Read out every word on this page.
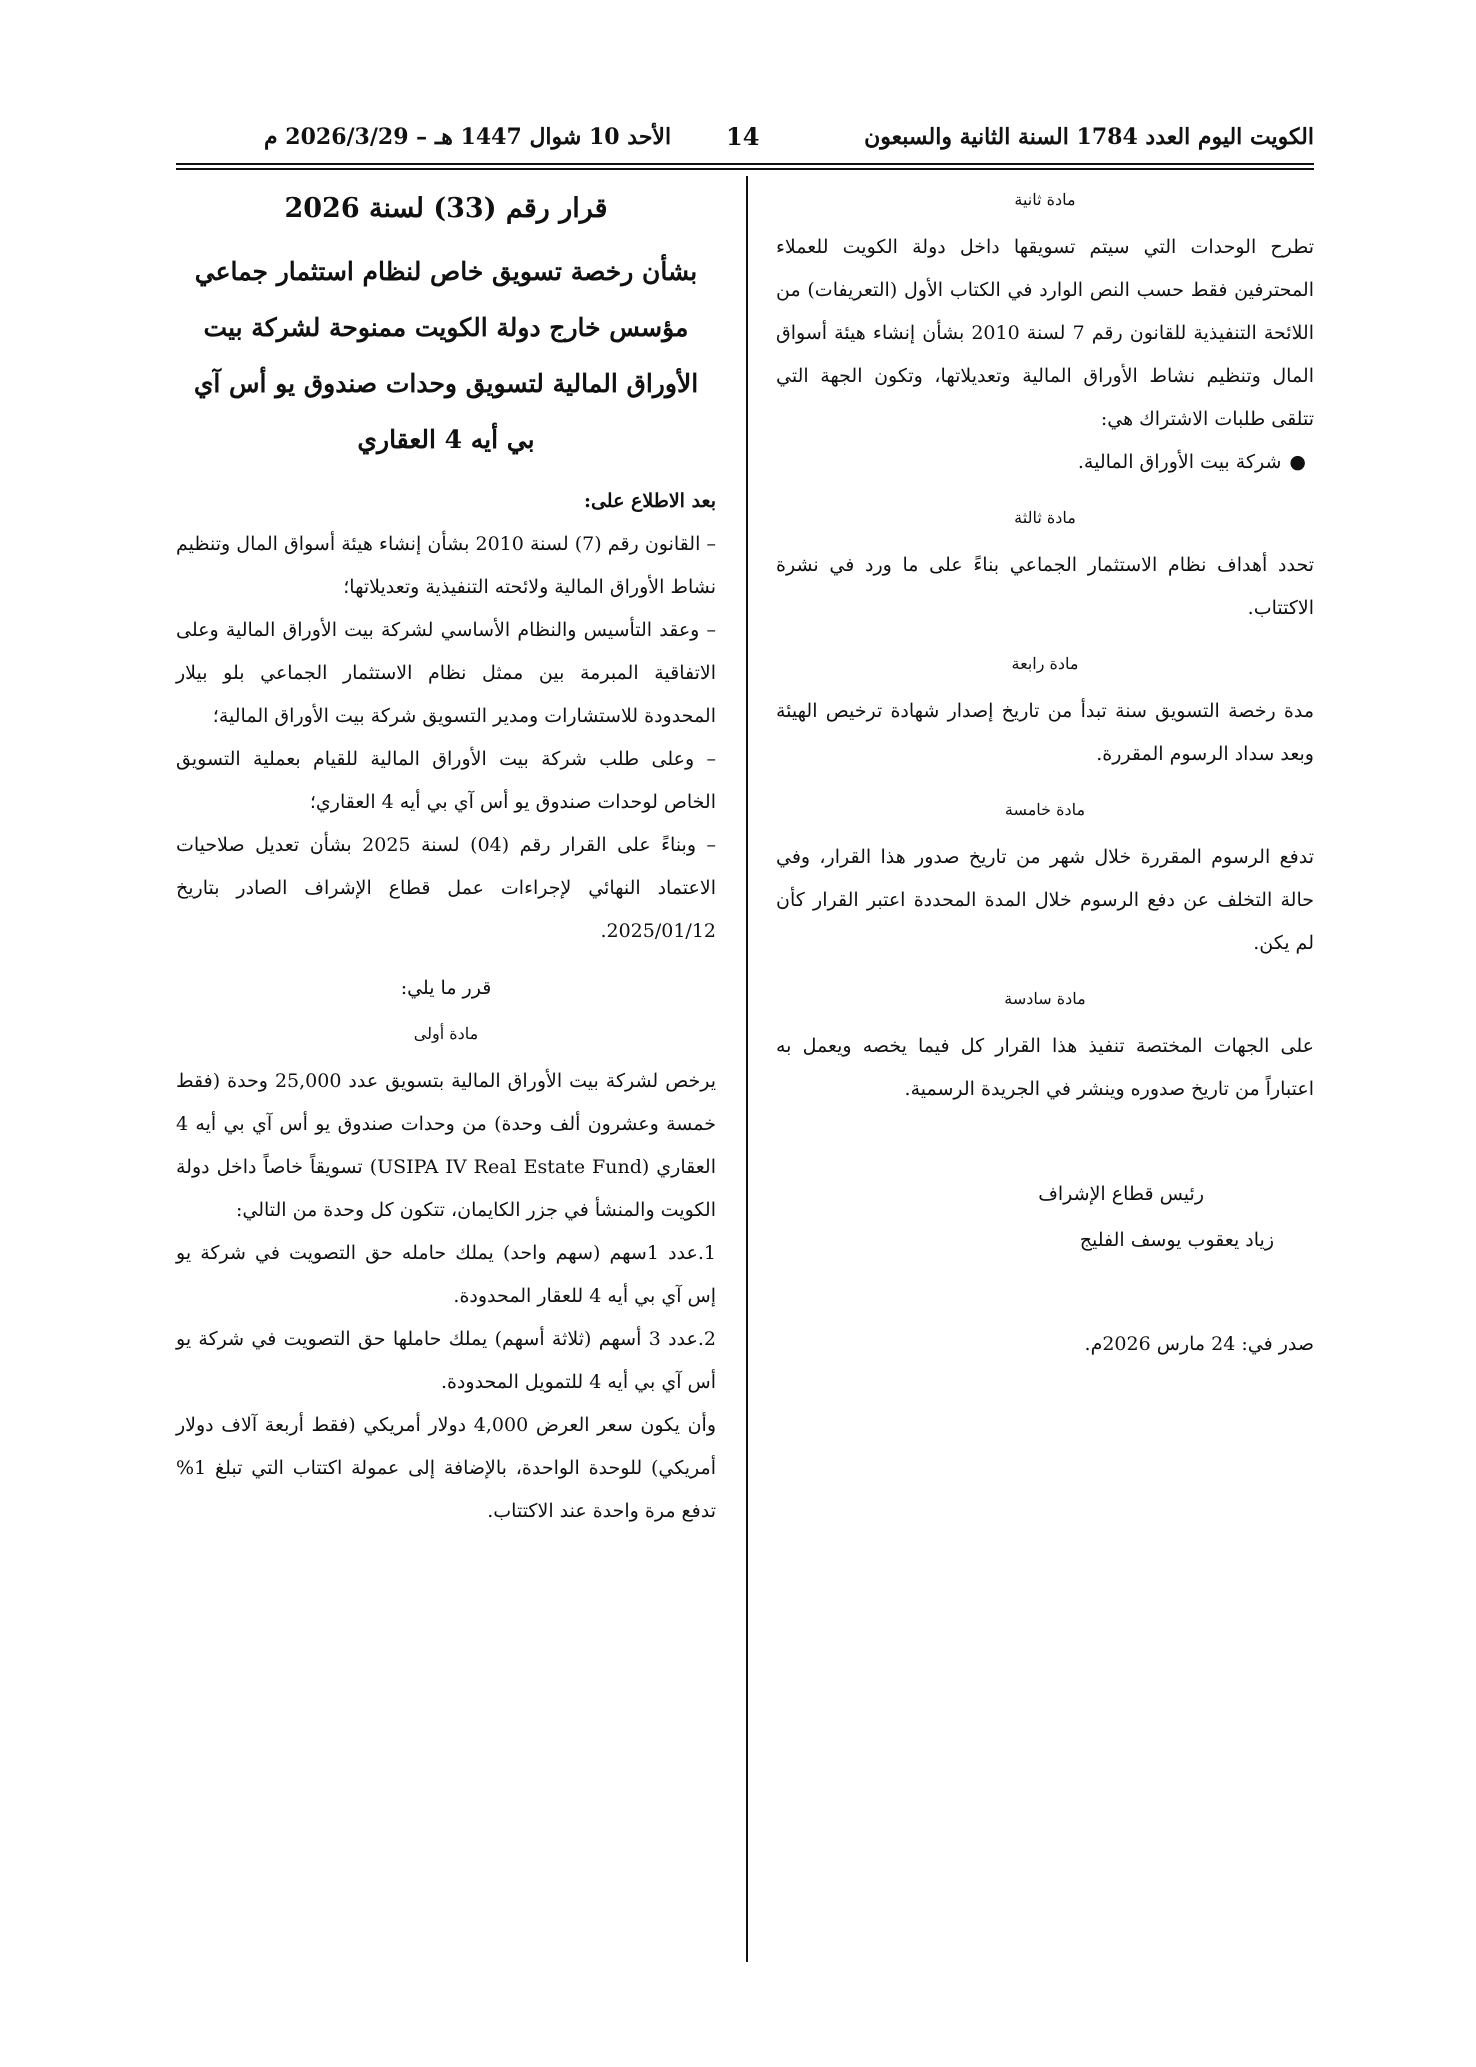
الكويت اليوم العدد 1784 السنة الثانية والسبعون
14
الأحد 10 شوال 1447 هـ – 2026/3/29 م

مادة ثانية

تطرح الوحدات التي سيتم تسويقها داخل دولة الكويت للعملاء المحترفين فقط حسب النص الوارد في الكتاب الأول (التعريفات) من اللائحة التنفيذية للقانون رقم 7 لسنة 2010 بشأن إنشاء هيئة أسواق المال وتنظيم نشاط الأوراق المالية وتعديلاتها، وتكون الجهة التي تتلقى طلبات الاشتراك هي:

●شركة بيت الأوراق المالية.

مادة ثالثة

تحدد أهداف نظام الاستثمار الجماعي بناءً على ما ورد في نشرة الاكتتاب.

مادة رابعة

مدة رخصة التسويق سنة تبدأ من تاريخ إصدار شهادة ترخيص الهيئة وبعد سداد الرسوم المقررة.

مادة خامسة

تدفع الرسوم المقررة خلال شهر من تاريخ صدور هذا القرار، وفي حالة التخلف عن دفع الرسوم خلال المدة المحددة اعتبر القرار كأن لم يكن.

مادة سادسة

على الجهات المختصة تنفيذ هذا القرار كل فيما يخصه ويعمل به اعتباراً من تاريخ صدوره وينشر في الجريدة الرسمية.

رئيس قطاع الإشراف

زياد يعقوب يوسف الفليج

صدر في: 24 مارس 2026م.

قرار رقم (33) لسنة 2026

بشأن رخصة تسويق خاص لنظام استثمار جماعي مؤسس خارج دولة الكويت ممنوحة لشركة بيت الأوراق المالية لتسويق وحدات صندوق يو أس آي بي أيه 4 العقاري

بعد الاطلاع على:

– القانون رقم (7) لسنة 2010 بشأن إنشاء هيئة أسواق المال وتنظيم نشاط الأوراق المالية ولائحته التنفيذية وتعديلاتها؛

– وعقد التأسيس والنظام الأساسي لشركة بيت الأوراق المالية وعلى الاتفاقية المبرمة بين ممثل نظام الاستثمار الجماعي بلو بيلار المحدودة للاستشارات ومدير التسويق شركة بيت الأوراق المالية؛

– وعلى طلب شركة بيت الأوراق المالية للقيام بعملية التسويق الخاص لوحدات صندوق يو أس آي بي أيه 4 العقاري؛

– وبناءً على القرار رقم (04) لسنة 2025 بشأن تعديل صلاحيات الاعتماد النهائي لإجراءات عمل قطاع الإشراف الصادر بتاريخ 2025/01/12.

قرر ما يلي:

مادة أولى

يرخص لشركة بيت الأوراق المالية بتسويق عدد 25,000 وحدة (فقط خمسة وعشرون ألف وحدة) من وحدات صندوق يو أس آي بي أيه 4 العقاري (USIPA IV Real Estate Fund) تسويقاً خاصاً داخل دولة الكويت والمنشأ في جزر الكايمان، تتكون كل وحدة من التالي:

1.عدد 1سهم (سهم واحد) يملك حامله حق التصويت في شركة يو إس آي بي أيه 4 للعقار المحدودة.

2.عدد 3 أسهم (ثلاثة أسهم) يملك حاملها حق التصويت في شركة يو أس آي بي أيه 4 للتمويل المحدودة.

وأن يكون سعر العرض 4,000 دولار أمريكي (فقط أربعة آلاف دولار أمريكي) للوحدة الواحدة، بالإضافة إلى عمولة اكتتاب التي تبلغ 1% تدفع مرة واحدة عند الاكتتاب.
